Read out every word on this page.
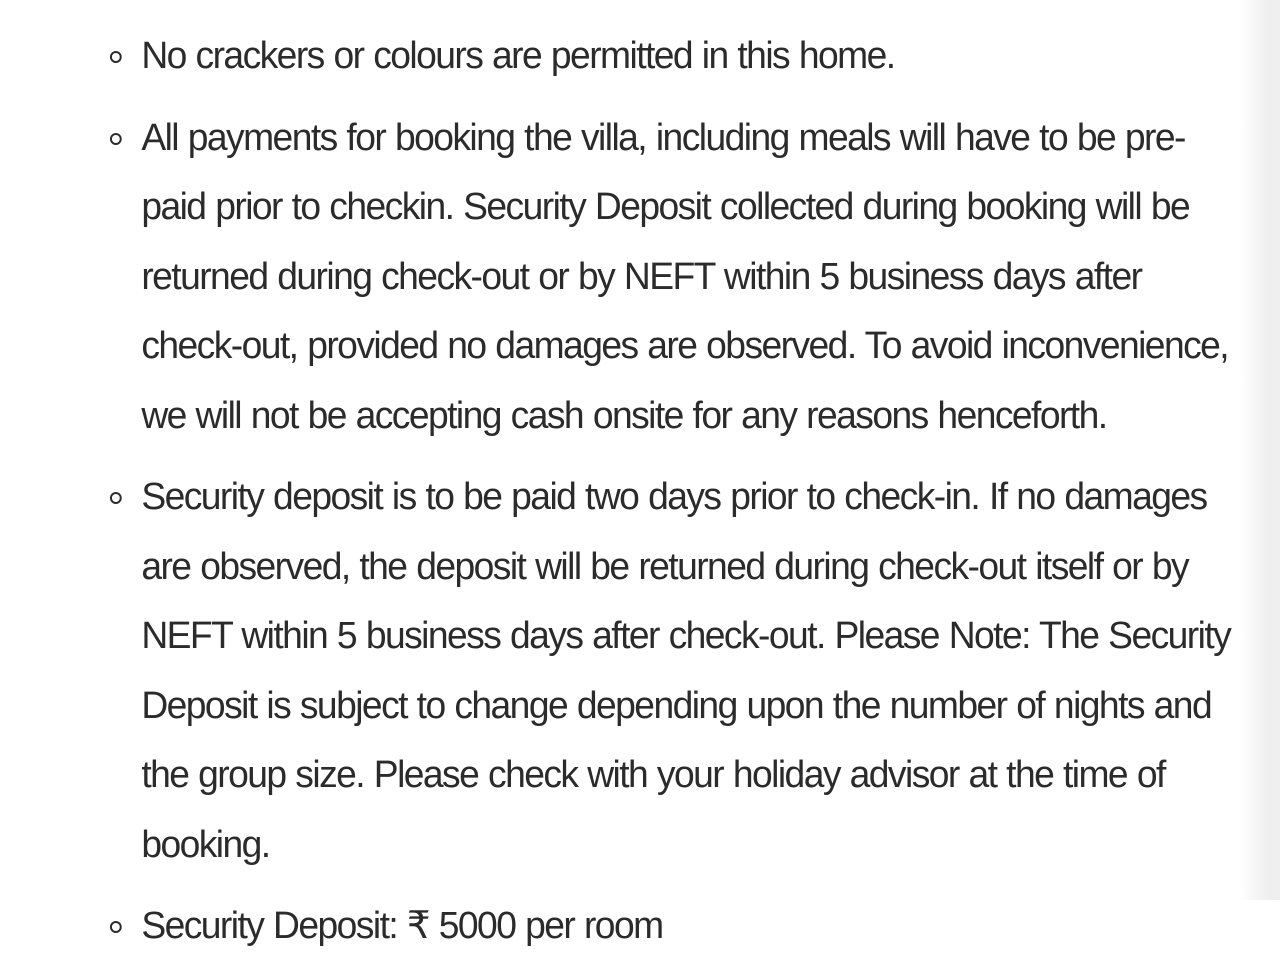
No crackers or colours are permitted in this home.
All payments for booking the villa, including meals will have to be pre-paid prior to checkin. Security Deposit collected during booking will be returned during check-out or by NEFT within 5 business days after check-out, provided no damages are observed. To avoid inconvenience, we will not be accepting cash onsite for any reasons henceforth.
Security deposit is to be paid two days prior to check-in. If no damages are observed, the deposit will be returned during check-out itself or by NEFT within 5 business days after check-out. Please Note: The Security Deposit is subject to change depending upon the number of nights and the group size. Please check with your holiday advisor at the time of booking.
Security Deposit: ₹ 5000 per room
